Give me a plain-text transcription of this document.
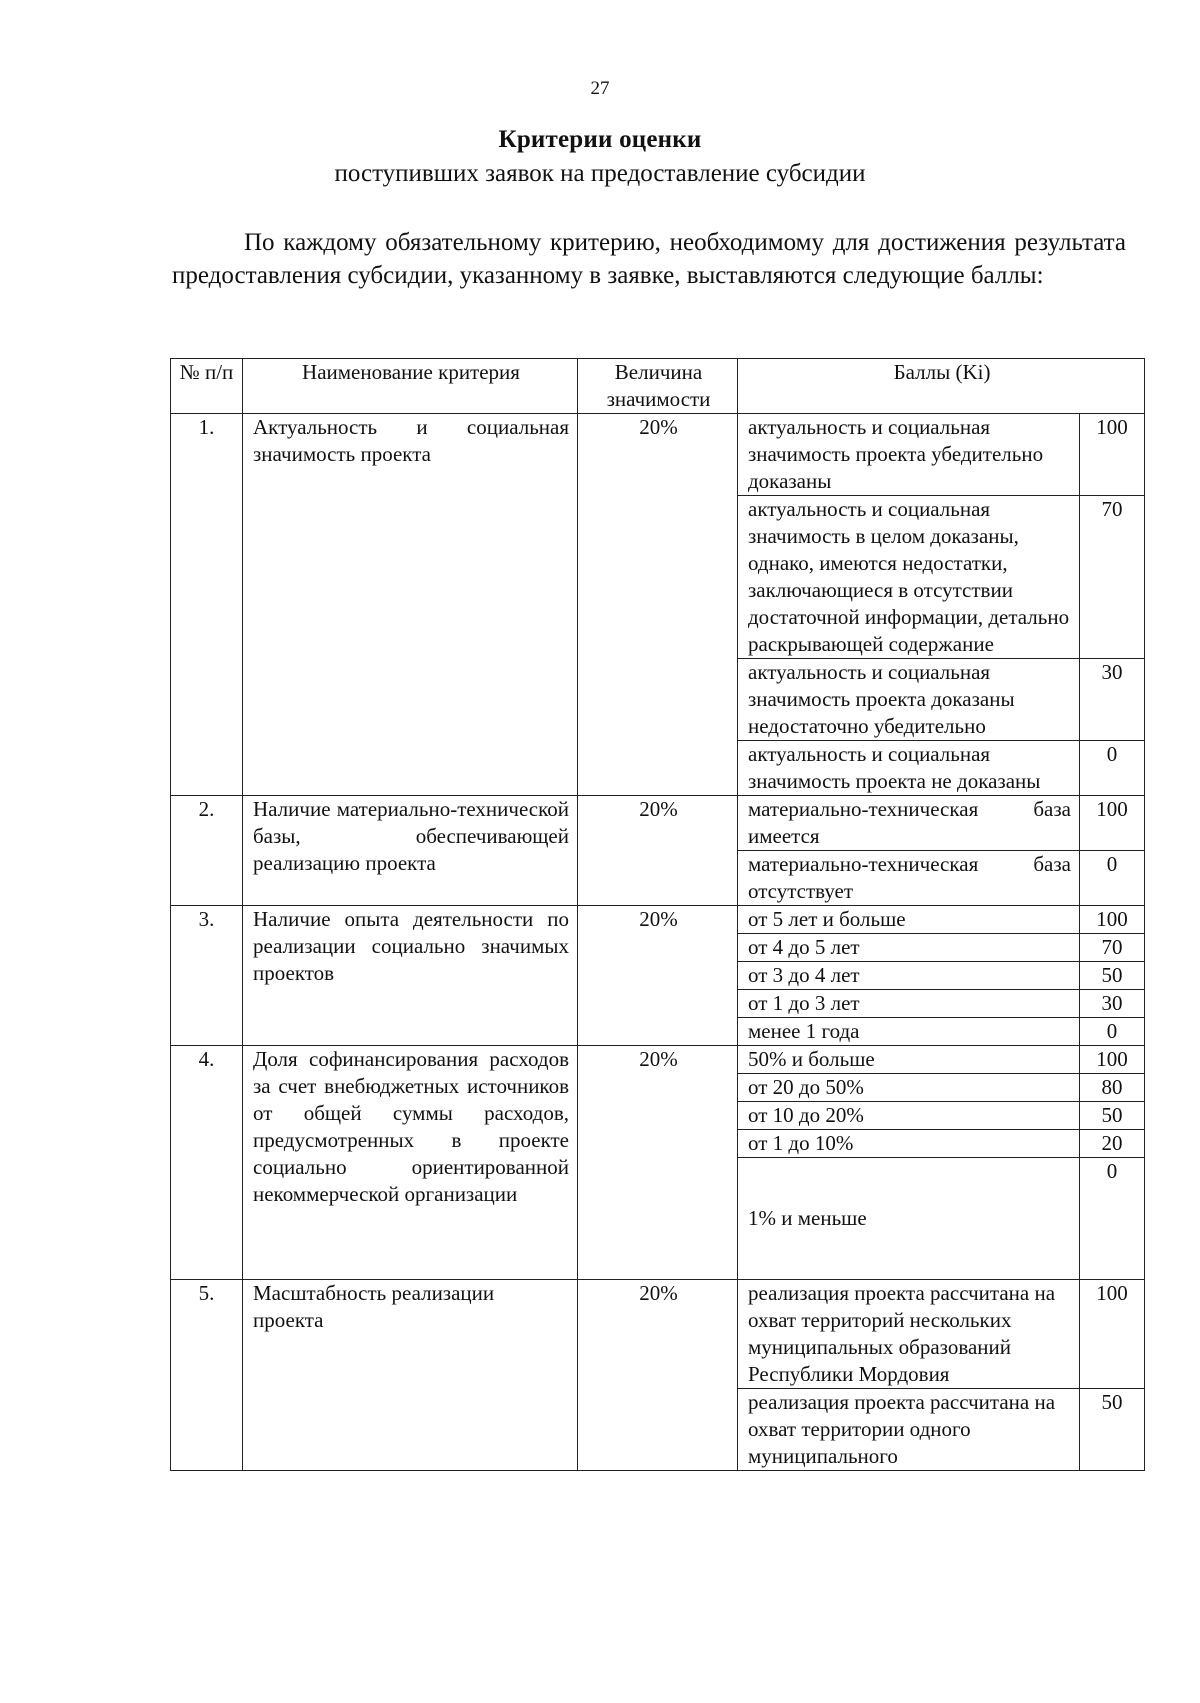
27
Критерии оценки
поступивших заявок на предоставление субсидии

По каждому обязательному критерию, необходимому для достижения результата предоставления субсидии, указанному в заявке, выставляются следующие баллы:

№ п/п	Наименование критерия	Величина значимости	Баллы (Ki)	
1.	Актуальность и социальная значимость проекта	20%	актуальность и социальная значимость проекта убедительно доказаны	100
			актуальность и социальная значимость в целом доказаны, однако, имеются недостатки, заключающиеся в отсутствии достаточной информации, детально раскрывающей содержание	70
			актуальность и социальная значимость проекта доказаны недостаточно убедительно	30
			актуальность и социальная значимость проекта не доказаны	0
2.	Наличие материально-технической базы, обеспечивающей реализацию проекта	20%	материально-техническая база имеется	100
			материально-техническая база отсутствует	0
3.	Наличие опыта деятельности по реализации социально значимых проектов	20%	от 5 лет и больше	100
			от 4 до 5 лет	70
			от 3 до 4 лет	50
			от 1 до 3 лет	30
			менее 1 года	0
4.	Доля софинансирования расходов за счет внебюджетных источников от общей суммы расходов, предусмотренных в проекте социально ориентированной некоммерческой организации	20%	50% и больше	100
			от 20 до 50%	80
			от 10 до 20%	50
			от 1 до 10%	20
			1% и меньше	0
5.	Масштабность реализации проекта	20%	реализация проекта рассчитана на охват территорий нескольких муниципальных образований Республики Мордовия	100
			реализация проекта рассчитана на охват территории одного муниципального	50
